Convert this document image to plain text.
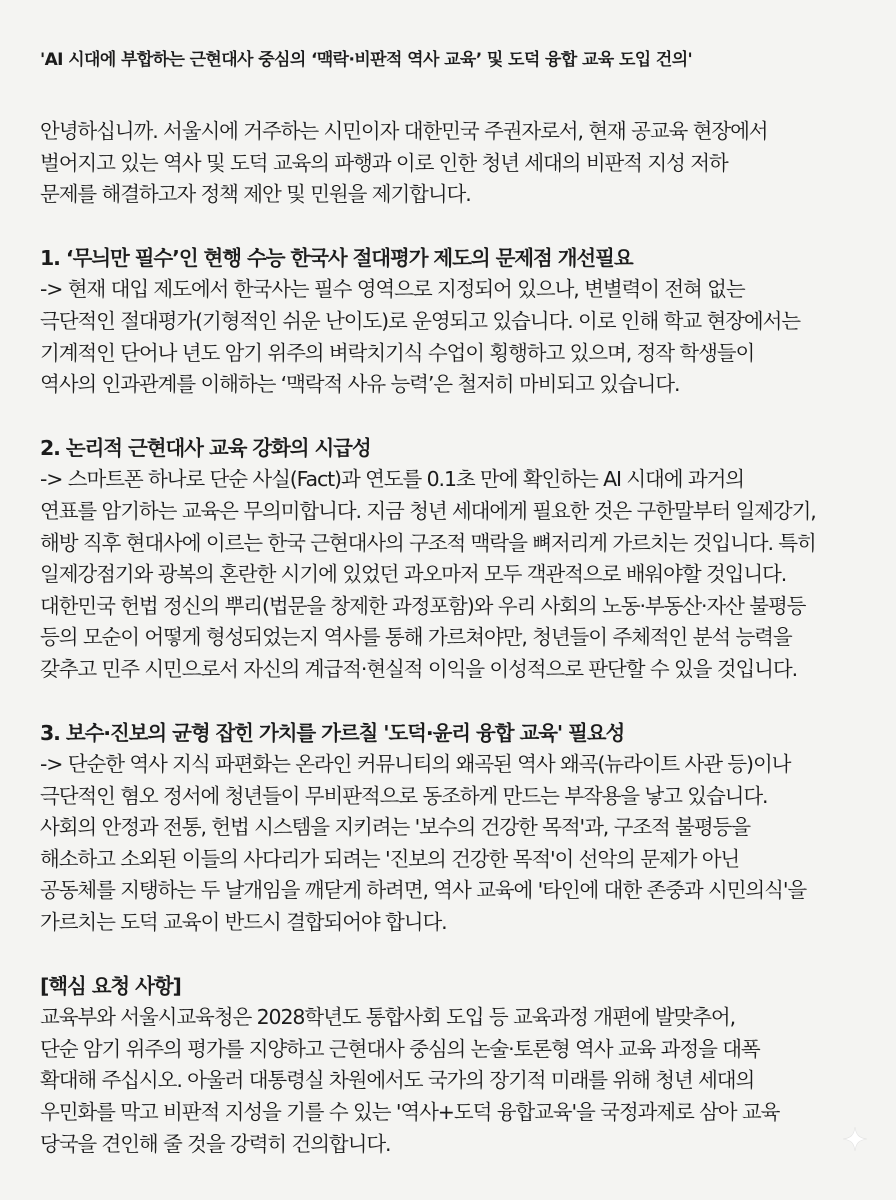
'AI 시대에 부합하는 근현대사 중심의 ‘맥락·비판적 역사 교육’ 및 도덕 융합 교육 도입 건의'
안녕하십니까. 서울시에 거주하는 시민이자 대한민국 주권자로서, 현재 공교육 현장에서
벌어지고 있는 역사 및 도덕 교육의 파행과 이로 인한 청년 세대의 비판적 지성 저하
문제를 해결하고자 정책 제안 및 민원을 제기합니다.
1. ‘무늬만 필수’인 현행 수능 한국사 절대평가 제도의 문제점 개선필요
-> 현재 대입 제도에서 한국사는 필수 영역으로 지정되어 있으나, 변별력이 전혀 없는
극단적인 절대평가(기형적인 쉬운 난이도)로 운영되고 있습니다. 이로 인해 학교 현장에서는
기계적인 단어나 년도 암기 위주의 벼락치기식 수업이 횡행하고 있으며, 정작 학생들이
역사의 인과관계를 이해하는 ‘맥락적 사유 능력’은 철저히 마비되고 있습니다.
2. 논리적 근현대사 교육 강화의 시급성
-> 스마트폰 하나로 단순 사실(Fact)과 연도를 0.1초 만에 확인하는 AI 시대에 과거의
연표를 암기하는 교육은 무의미합니다. 지금 청년 세대에게 필요한 것은 구한말부터 일제강기,
해방 직후 현대사에 이르는 한국 근현대사의 구조적 맥락을 뼈저리게 가르치는 것입니다. 특히
일제강점기와 광복의 혼란한 시기에 있었던 과오마저 모두 객관적으로 배워야할 것입니다.
대한민국 헌법 정신의 뿌리(법문을 창제한 과정포함)와 우리 사회의 노동·부동산·자산 불평등
등의 모순이 어떻게 형성되었는지 역사를 통해 가르쳐야만, 청년들이 주체적인 분석 능력을
갖추고 민주 시민으로서 자신의 계급적·현실적 이익을 이성적으로 판단할 수 있을 것입니다.
3. 보수·진보의 균형 잡힌 가치를 가르칠 '도덕·윤리 융합 교육' 필요성
-> 단순한 역사 지식 파편화는 온라인 커뮤니티의 왜곡된 역사 왜곡(뉴라이트 사관 등)이나
극단적인 혐오 정서에 청년들이 무비판적으로 동조하게 만드는 부작용을 낳고 있습니다.
사회의 안정과 전통, 헌법 시스템을 지키려는 '보수의 건강한 목적'과, 구조적 불평등을
해소하고 소외된 이들의 사다리가 되려는 '진보의 건강한 목적'이 선악의 문제가 아닌
공동체를 지탱하는 두 날개임을 깨닫게 하려면, 역사 교육에 '타인에 대한 존중과 시민의식'을
가르치는 도덕 교육이 반드시 결합되어야 합니다.
[핵심 요청 사항]
교육부와 서울시교육청은 2028학년도 통합사회 도입 등 교육과정 개편에 발맞추어,
단순 암기 위주의 평가를 지양하고 근현대사 중심의 논술·토론형 역사 교육 과정을 대폭
확대해 주십시오. 아울러 대통령실 차원에서도 국가의 장기적 미래를 위해 청년 세대의
우민화를 막고 비판적 지성을 기를 수 있는 '역사+도덕 융합교육'을 국정과제로 삼아 교육
당국을 견인해 줄 것을 강력히 건의합니다.
